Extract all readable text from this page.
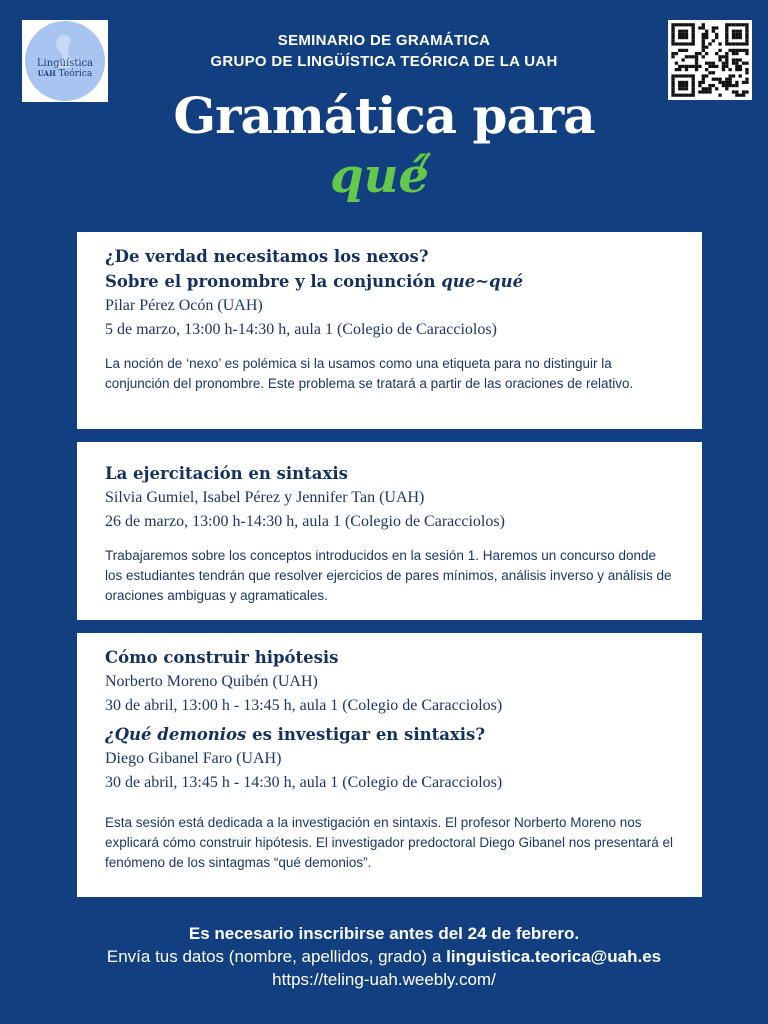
Lingüística
UAH Teórica
SEMINARIO DE GRAMÁTICA
GRUPO DE LINGÜÍSTICA TEÓRICA DE LA UAH
Gramática para
qué
¿De verdad necesitamos los nexos?
Sobre el pronombre y la conjunción que~qué
Pilar Pérez Ocón (UAH)
5 de marzo, 13:00 h-14:30 h, aula 1 (Colegio de Caracciolos)
La noción de ‘nexo’ es polémica si la usamos como una etiqueta para no distinguir la conjunción del pronombre. Este problema se tratará a partir de las oraciones de relativo.
La ejercitación en sintaxis
Silvia Gumiel, Isabel Pérez y Jennifer Tan (UAH)
26 de marzo, 13:00 h-14:30 h, aula 1 (Colegio de Caracciolos)
Trabajaremos sobre los conceptos introducidos en la sesión 1. Haremos un concurso donde los estudiantes tendrán que resolver ejercicios de pares mínimos, análisis inverso y análisis de oraciones ambiguas y agramaticales.
Cómo construir hipótesis
Norberto Moreno Quibén (UAH)
30 de abril, 13:00 h - 13:45 h, aula 1 (Colegio de Caracciolos)
¿Qué demonios es investigar en sintaxis?
Diego Gibanel Faro (UAH)
30 de abril, 13:45 h - 14:30 h, aula 1 (Colegio de Caracciolos)
Esta sesión está dedicada a la investigación en sintaxis. El profesor Norberto Moreno nos explicará cómo construir hipótesis. El investigador predoctoral Diego Gibanel nos presentará el fenómeno de los sintagmas “qué demonios”.
Es necesario inscribirse antes del 24 de febrero.
Envía tus datos (nombre, apellidos, grado) a linguistica.teorica@uah.es
https://teling-uah.weebly.com/
